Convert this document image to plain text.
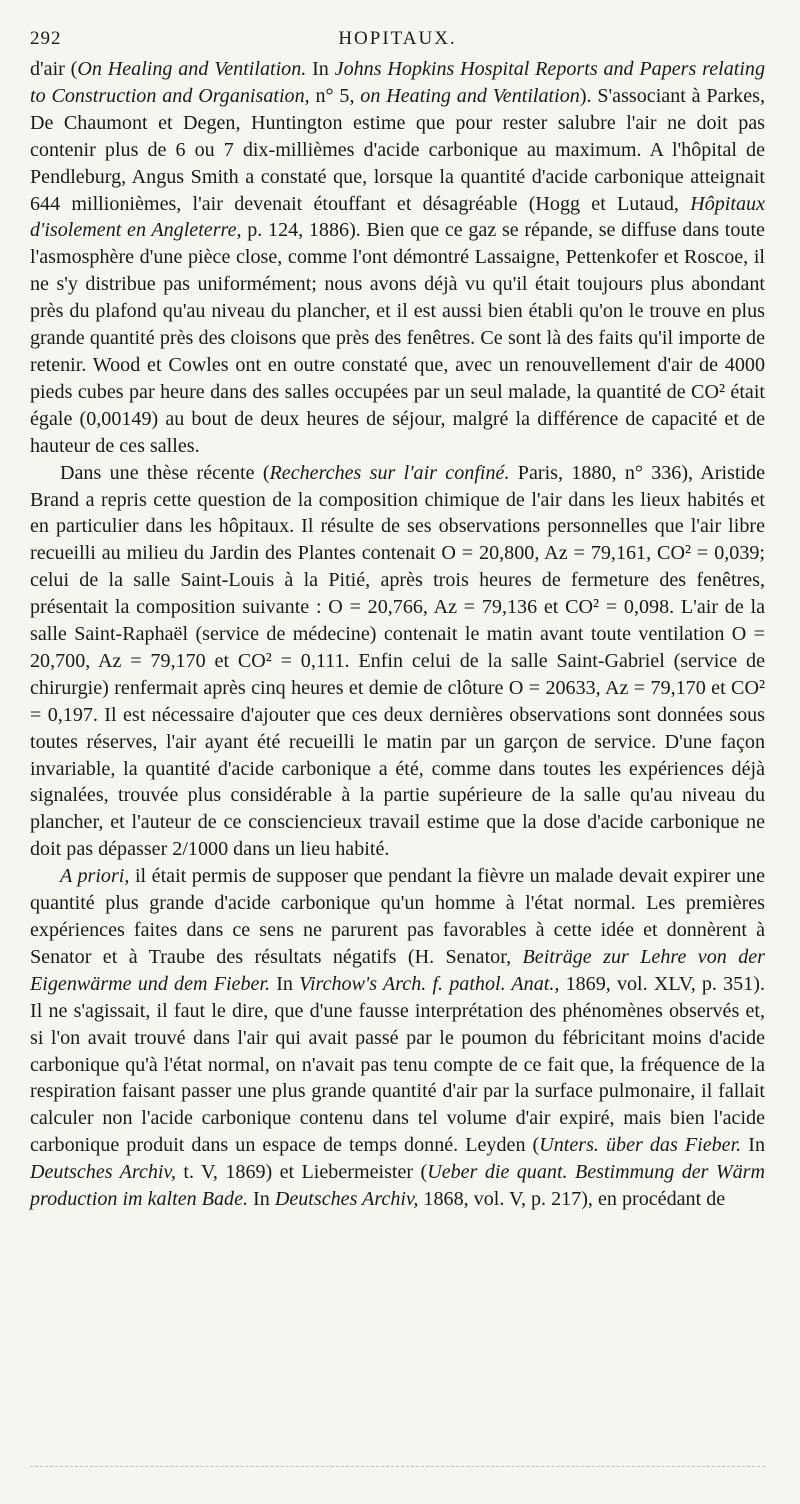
292	HOPITAUX.

d'air (On Healing and Ventilation. In Johns Hopkins Hospital Reports and Papers relating to Construction and Organisation, n° 5, on Heating and Ventilation). S'associant à Parkes, De Chaumont et Degen, Huntington estime que pour rester salubre l'air ne doit pas contenir plus de 6 ou 7 dix-millièmes d'acide carbonique au maximum. A l'hôpital de Pendleburg, Angus Smith a constaté que, lorsque la quantité d'acide carbonique atteignait 644 millionièmes, l'air devenait étouffant et désagréable (Hogg et Lutaud, Hôpitaux d'isolement en Angleterre, p. 124, 1886). Bien que ce gaz se répande, se diffuse dans toute l'asmosphère d'une pièce close, comme l'ont démontré Lassaigne, Pettenkofer et Roscoe, il ne s'y distribue pas uniformément; nous avons déjà vu qu'il était toujours plus abondant près du plafond qu'au niveau du plancher, et il est aussi bien établi qu'on le trouve en plus grande quantité près des cloisons que près des fenêtres. Ce sont là des faits qu'il importe de retenir. Wood et Cowles ont en outre constaté que, avec un renouvellement d'air de 4000 pieds cubes par heure dans des salles occupées par un seul malade, la quantité de CO² était égale (0,00149) au bout de deux heures de séjour, malgré la différence de capacité et de hauteur de ces salles.

Dans une thèse récente (Recherches sur l'air confiné. Paris, 1880, n° 336), Aristide Brand a repris cette question de la composition chimique de l'air dans les lieux habités et en particulier dans les hôpitaux. Il résulte de ses observations personnelles que l'air libre recueilli au milieu du Jardin des Plantes contenait O = 20,800, Az = 79,161, CO² = 0,039; celui de la salle Saint-Louis à la Pitié, après trois heures de fermeture des fenêtres, présentait la composition suivante : O = 20,766, Az = 79,136 et CO² = 0,098. L'air de la salle Saint-Raphaël (service de médecine) contenait le matin avant toute ventilation O = 20,700, Az = 79,170 et CO² = 0,111. Enfin celui de la salle Saint-Gabriel (service de chirurgie) renfermait après cinq heures et demie de clôture O = 20633, Az = 79,170 et CO² = 0,197. Il est nécessaire d'ajouter que ces deux dernières observations sont données sous toutes réserves, l'air ayant été recueilli le matin par un garçon de service. D'une façon invariable, la quantité d'acide carbonique a été, comme dans toutes les expériences déjà signalées, trouvée plus considérable à la partie supérieure de la salle qu'au niveau du plancher, et l'auteur de ce consciencieux travail estime que la dose d'acide carbonique ne doit pas dépasser 2/1000 dans un lieu habité.

A priori, il était permis de supposer que pendant la fièvre un malade devait expirer une quantité plus grande d'acide carbonique qu'un homme à l'état normal. Les premières expériences faites dans ce sens ne parurent pas favorables à cette idée et donnèrent à Senator et à Traube des résultats négatifs (H. Senator, Beiträge zur Lehre von der Eigenwärme und dem Fieber. In Virchow's Arch. f. pathol. Anat., 1869, vol. XLV, p. 351). Il ne s'agissait, il faut le dire, que d'une fausse interprétation des phénomènes observés et, si l'on avait trouvé dans l'air qui avait passé par le poumon du fébricitant moins d'acide carbonique qu'à l'état normal, on n'avait pas tenu compte de ce fait que, la fréquence de la respiration faisant passer une plus grande quantité d'air par la surface pulmonaire, il fallait calculer non l'acide carbonique contenu dans tel volume d'air expiré, mais bien l'acide carbonique produit dans un espace de temps donné. Leyden (Unters. über das Fieber. In Deutsches Archiv, t. V, 1869) et Liebermeister (Ueber die quant. Bestimmung der Wärm production im kalten Bade. In Deutsches Archiv, 1868, vol. V, p. 217), en procédant de
